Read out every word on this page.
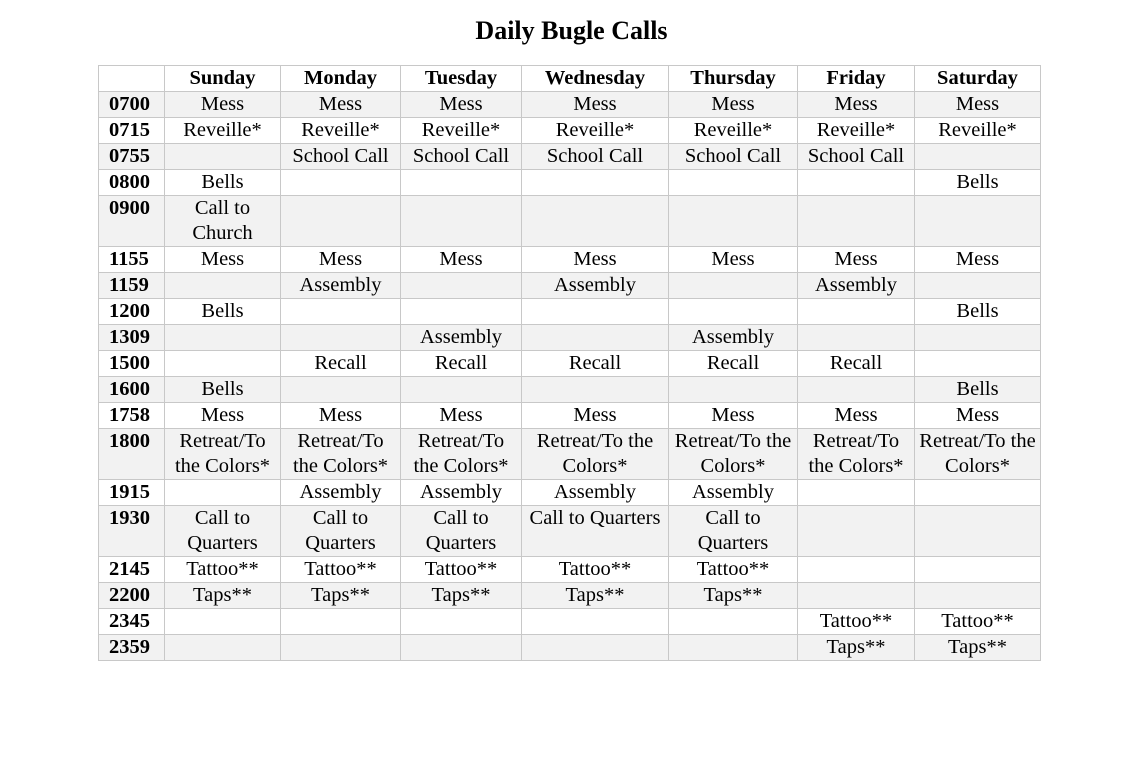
Daily Bugle Calls
	Sunday	Monday	Tuesday	Wednesday	Thursday	Friday	Saturday
0700	Mess	Mess	Mess	Mess	Mess	Mess	Mess
0715	Reveille*	Reveille*	Reveille*	Reveille*	Reveille*	Reveille*	Reveille*
0755		School Call	School Call	School Call	School Call	School Call	
0800	Bells						Bells
0900	Call to Church						
1155	Mess	Mess	Mess	Mess	Mess	Mess	Mess
1159		Assembly		Assembly		Assembly	
1200	Bells						Bells
1309			Assembly		Assembly		
1500		Recall	Recall	Recall	Recall	Recall	
1600	Bells						Bells
1758	Mess	Mess	Mess	Mess	Mess	Mess	Mess
1800	Retreat/To the Colors*	Retreat/To the Colors*	Retreat/To the Colors*	Retreat/To the Colors*	Retreat/To the Colors*	Retreat/To the Colors*	Retreat/To the Colors*
1915		Assembly	Assembly	Assembly	Assembly		
1930	Call to Quarters	Call to Quarters	Call to Quarters	Call to Quarters	Call to Quarters		
2145	Tattoo**	Tattoo**	Tattoo**	Tattoo**	Tattoo**		
2200	Taps**	Taps**	Taps**	Taps**	Taps**		
2345						Tattoo**	Tattoo**
2359						Taps**	Taps**
